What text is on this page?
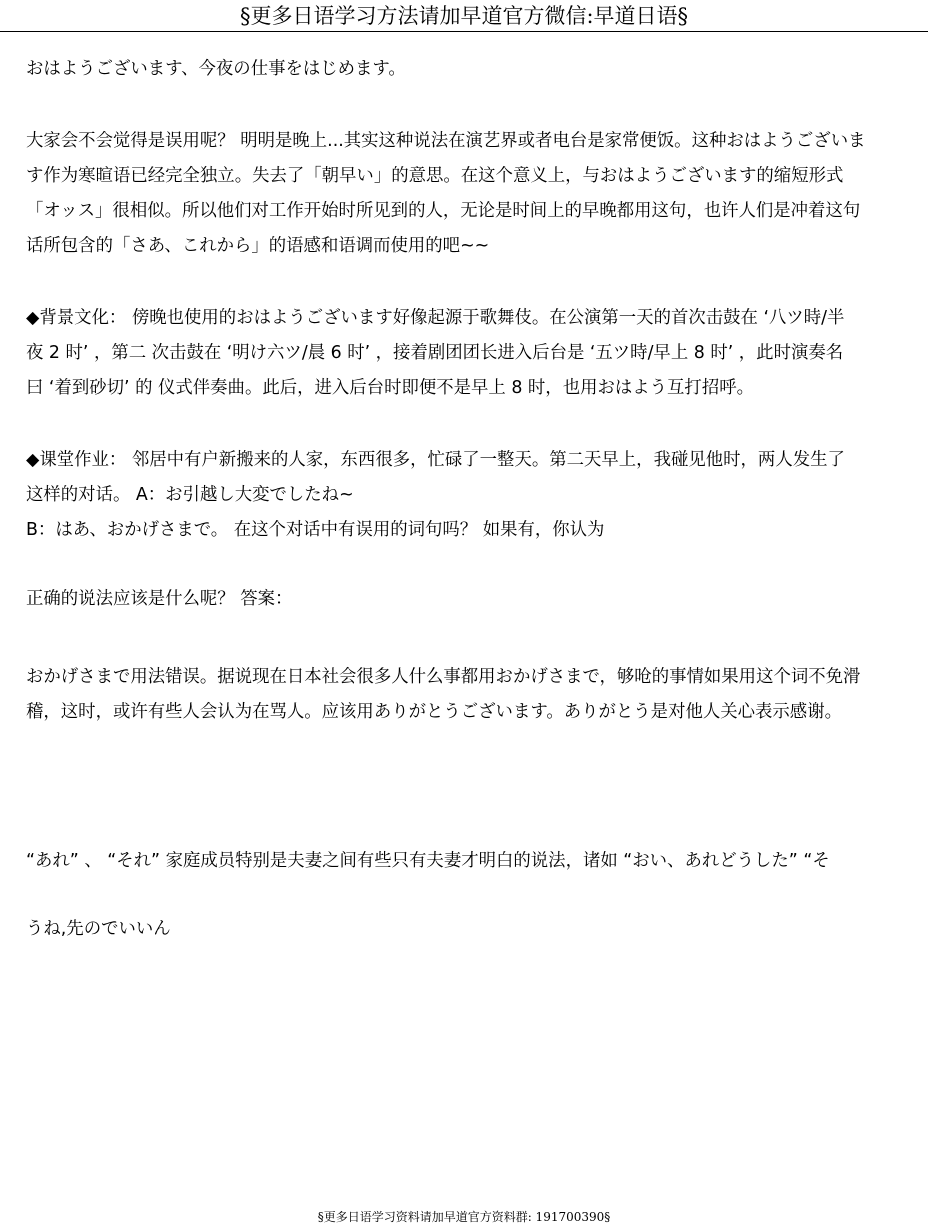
§更多日语学习方法请加早道官方微信:早道日语§

おはようございます、今夜の仕事をはじめます。

大家会不会觉得是误用呢？ 明明是晚上...其实这种说法在演艺界或者电台是家常便饭。这种おはようございま
す作为寒暄语已经完全独立。失去了「朝早い」的意思。在这个意义上，与おはようございます的缩短形式
「オッス」很相似。所以他们对工作开始时所见到的人，无论是时间上的早晚都用这句，也许人们是冲着这句
话所包含的「さあ、これから」的语感和语调而使用的吧~~

◆背景文化： 傍晚也使用的おはようございます好像起源于歌舞伎。在公演第一天的首次击鼓在 ‘八ツ時/半
夜 2 时’ ，第二 次击鼓在 ‘明け六ツ/晨 6 时’ ，接着剧团团长进入后台是 ‘五ツ時/早上 8 时’ ，此时演奏名
曰 ‘着到砂切’ 的 仪式伴奏曲。此后，进入后台时即便不是早上 8 时，也用おはよう互打招呼。

◆课堂作业： 邻居中有户新搬来的人家，东西很多，忙碌了一整天。第二天早上，我碰见他时，两人发生了
这样的对话。 A：お引越し大変でしたね~
B：はあ、おかげさまで。 在这个对话中有误用的词句吗？ 如果有，你认为

正确的说法应该是什么呢？ 答案：

おかげさまで用法错误。据说现在日本社会很多人什么事都用おかげさまで，够呛的事情如果用这个词不免滑
稽，这时，或许有些人会认为在骂人。应该用ありがとうございます。ありがとう是对他人关心表示感谢。

“あれ” 、 “それ” 家庭成员特别是夫妻之间有些只有夫妻才明白的说法，诸如 “おい、あれどうした” “そ

うね,先のでいいん

§更多日语学习资料请加早道官方资料群: 191700390§
